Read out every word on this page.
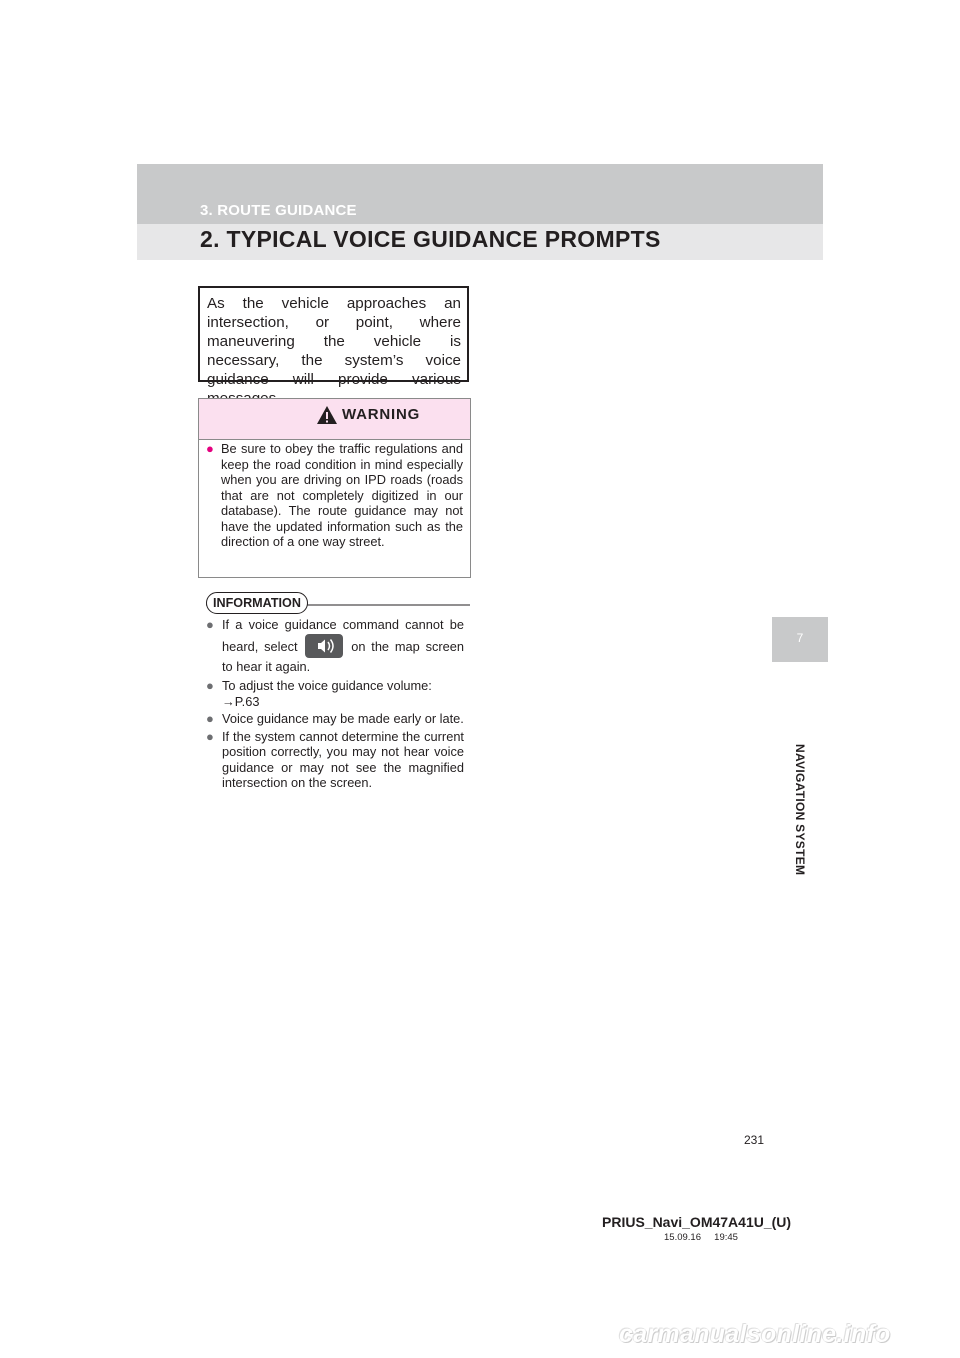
3. ROUTE GUIDANCE
2. TYPICAL VOICE GUIDANCE PROMPTS
As the vehicle approaches an intersection, or point, where maneuvering the vehicle is necessary, the system’s voice guidance will provide various
WARNING
● Be sure to obey the traffic regulations and keep the road condition in mind especially when you are driving on IPD roads (roads that are not completely digitized in our database). The route guidance may not have the updated information such as the direction of a one way street.
INFORMATION
● If a voice guidance command cannot be heard, select	on the map screen to hear it again.
● To adjust the voice guidance volume:
→P.63
● Voice guidance may be made early or late.
● If the system cannot determine the current position correctly, you may not hear voice guidance or may not see the magnified intersection on the screen.
7
NAVIGATION SYSTEM
231
PRIUS_Navi_OM47A41U_(U)
15.09.16     19:45
carmanualsonline.info
